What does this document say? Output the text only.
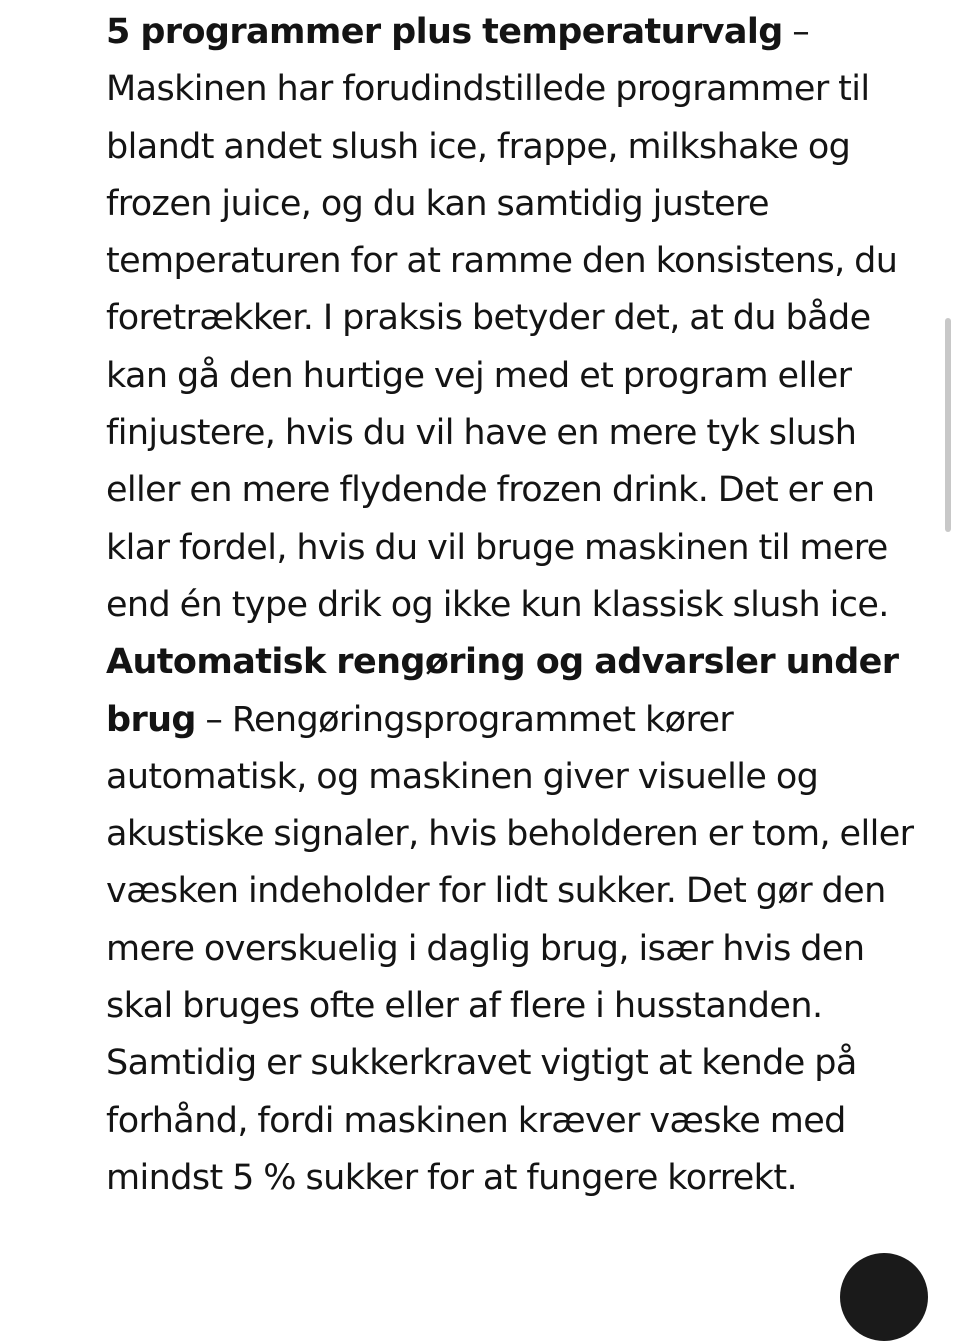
5 programmer plus temperaturvalg – Maskinen har forudindstillede programmer til blandt andet slush ice, frappe, milkshake og frozen juice, og du kan samtidig justere temperaturen for at ramme den konsistens, du foretrækker. I praksis betyder det, at du både kan gå den hurtige vej med et program eller finjustere, hvis du vil have en mere tyk slush eller en mere flydende frozen drink. Det er en klar fordel, hvis du vil bruge maskinen til mere end én type drik og ikke kun klassisk slush ice.

Automatisk rengøring og advarsler under brug – Rengøringsprogrammet kører automatisk, og maskinen giver visuelle og akustiske signaler, hvis beholderen er tom, eller væsken indeholder for lidt sukker. Det gør den mere overskuelig i daglig brug, især hvis den skal bruges ofte eller af flere i husstanden. Samtidig er sukkerkravet vigtigt at kende på forhånd, fordi maskinen kræver væske med mindst 5 % sukker for at fungere korrekt.
